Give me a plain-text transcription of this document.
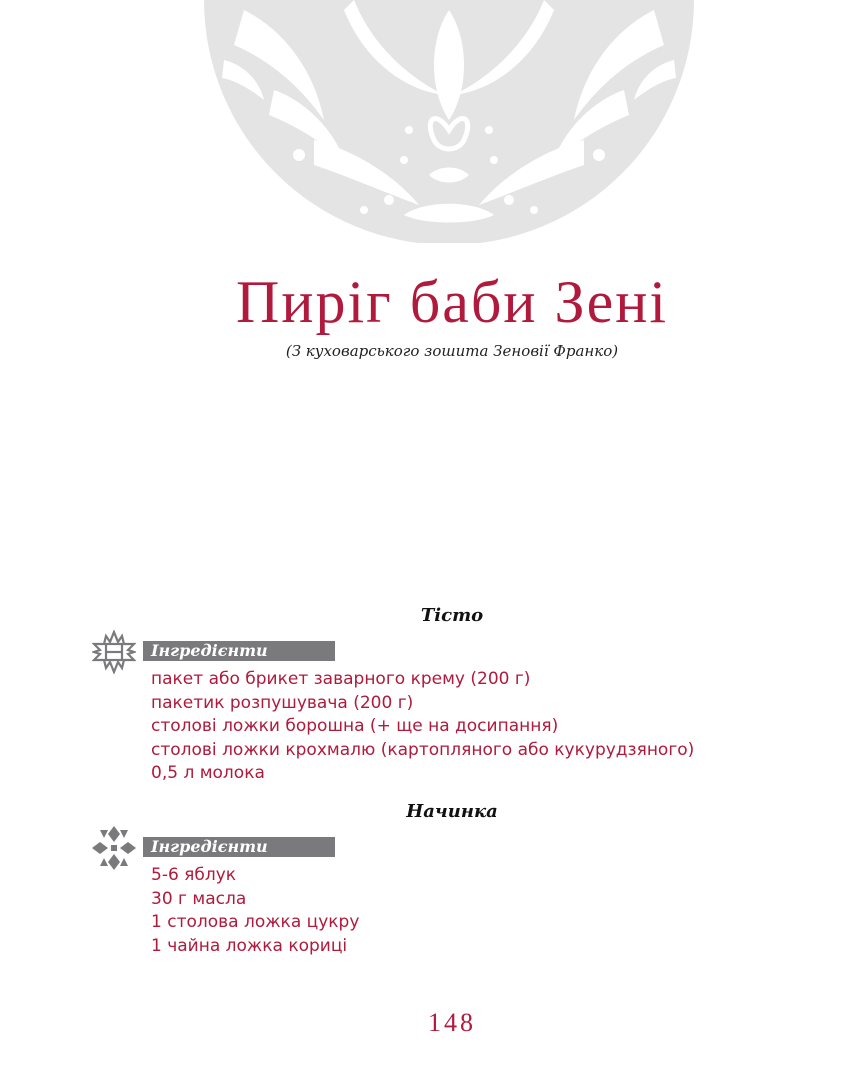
Пиріг баби Зені
(З куховарського зошита Зеновії Франко)
Тісто
Інгредієнти
пакет або брикет заварного крему (200 г)
пакетик розпушувача (200 г)
столові ложки борошна (+ ще на досипання)
столові ложки крохмалю (картопляного або кукурудзяного)
0,5 л молока
Начинка
Інгредієнти
5-6 яблук
30 г масла
1 столова ложка цукру
1 чайна ложка кориці
148
